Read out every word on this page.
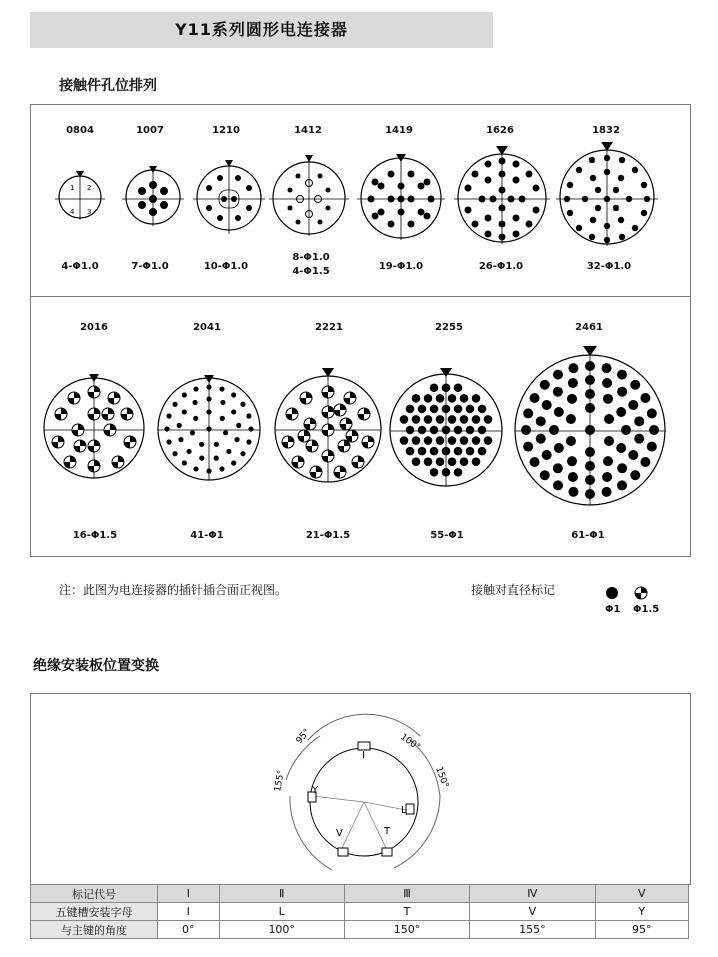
Y11系列圆形电连接器
接触件孔位排列
0804	1007	1210	1412	1419	1626	1832
4-Φ1.0	7-Φ1.0	10-Φ1.0
8-Φ1.0
4-Φ1.5	19-Φ1.0	26-Φ1.0	32-Φ1.0
2016	2041	2221	2255	2461
16-Φ1.5	41-Φ1	21-Φ1.5	55-Φ1	61-Φ1
1 2
4 3
注：此图为电连接器的插针插合面正视图。	接触对直径标记
Φ1 Φ1.5
绝缘安装板位置变换
I
Y
L
V	T
95°	100°
155°	150°
标记代号	I	Ⅱ	Ⅲ	Ⅳ	Ⅴ
五键槽安装字母	I	L	T	V	Y
与主键的角度	0°	100°	150°	155°	95°
